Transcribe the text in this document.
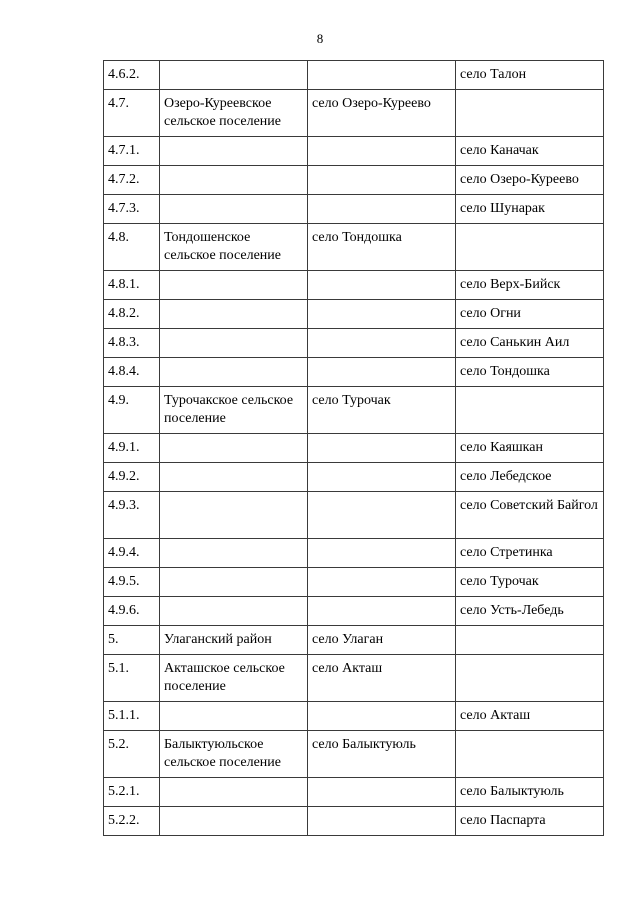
8
4.6.2.			село Талон
4.7.	Озеро-Куреевское сельское поселение	село Озеро-Куреево	
4.7.1.			село Каначак
4.7.2.			село Озеро-Куреево
4.7.3.			село Шунарак
4.8.	Тондошенское сельское поселение	село Тондошка	
4.8.1.			село Верх-Бийск
4.8.2.			село Огни
4.8.3.			село Санькин Аил
4.8.4.			село Тондошка
4.9.	Турочакское сельское поселение	село Турочак	
4.9.1.			село Каяшкан
4.9.2.			село Лебедское
4.9.3.			село Советский Байгол
4.9.4.			село Стретинка
4.9.5.			село Турочак
4.9.6.			село Усть-Лебедь
5.	Улаганский район	село Улаган	
5.1.	Акташское сельское поселение	село Акташ	
5.1.1.			село Акташ
5.2.	Балыктуюльское сельское поселение	село Балыктуюль	
5.2.1.			село Балыктуюль
5.2.2.			село Паспарта
